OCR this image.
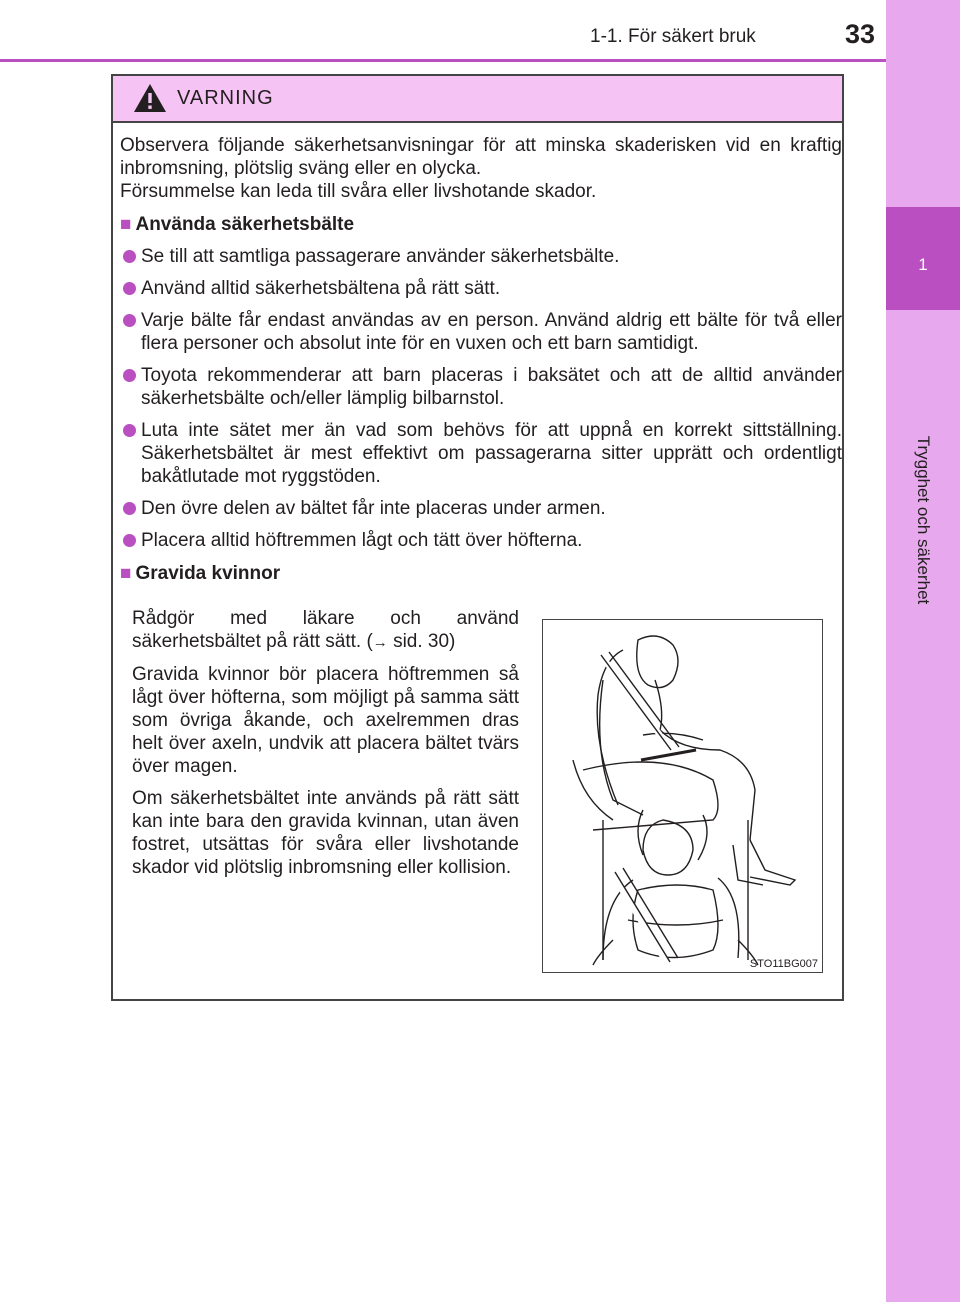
1-1. För säkert bruk	33
1
Trygghet och säkerhet
VARNING
Observera följande säkerhetsanvisningar för att minska skaderisken vid en kraftig inbromsning, plötslig sväng eller en olycka.
Försummelse kan leda till svåra eller livshotande skador.
■ Använda säkerhetsbälte
Se till att samtliga passagerare använder säkerhetsbälte.
Använd alltid säkerhetsbältena på rätt sätt.
Varje bälte får endast användas av en person. Använd aldrig ett bälte för två eller flera personer och absolut inte för en vuxen och ett barn samtidigt.
Toyota rekommenderar att barn placeras i baksätet och att de alltid använder säkerhetsbälte och/eller lämplig bilbarnstol.
Luta inte sätet mer än vad som behövs för att uppnå en korrekt sittställning. Säkerhetsbältet är mest effektivt om passagerarna sitter upprätt och ordentligt bakåtlutade mot ryggstöden.
Den övre delen av bältet får inte placeras under armen.
Placera alltid höftremmen lågt och tätt över höfterna.
■ Gravida kvinnor
Rådgör med läkare och använd säkerhetsbältet på rätt sätt. (→ sid. 30)
Gravida kvinnor bör placera höftremmen så lågt över höfterna, som möjligt på samma sätt som övriga åkande, och axelremmen dras helt över axeln, undvik att placera bältet tvärs över magen.
Om säkerhetsbältet inte används på rätt sätt kan inte bara den gravida kvinnan, utan även fostret, utsättas för svåra eller livshotande skador vid plötslig inbromsning eller kollision.
STO11BG007
